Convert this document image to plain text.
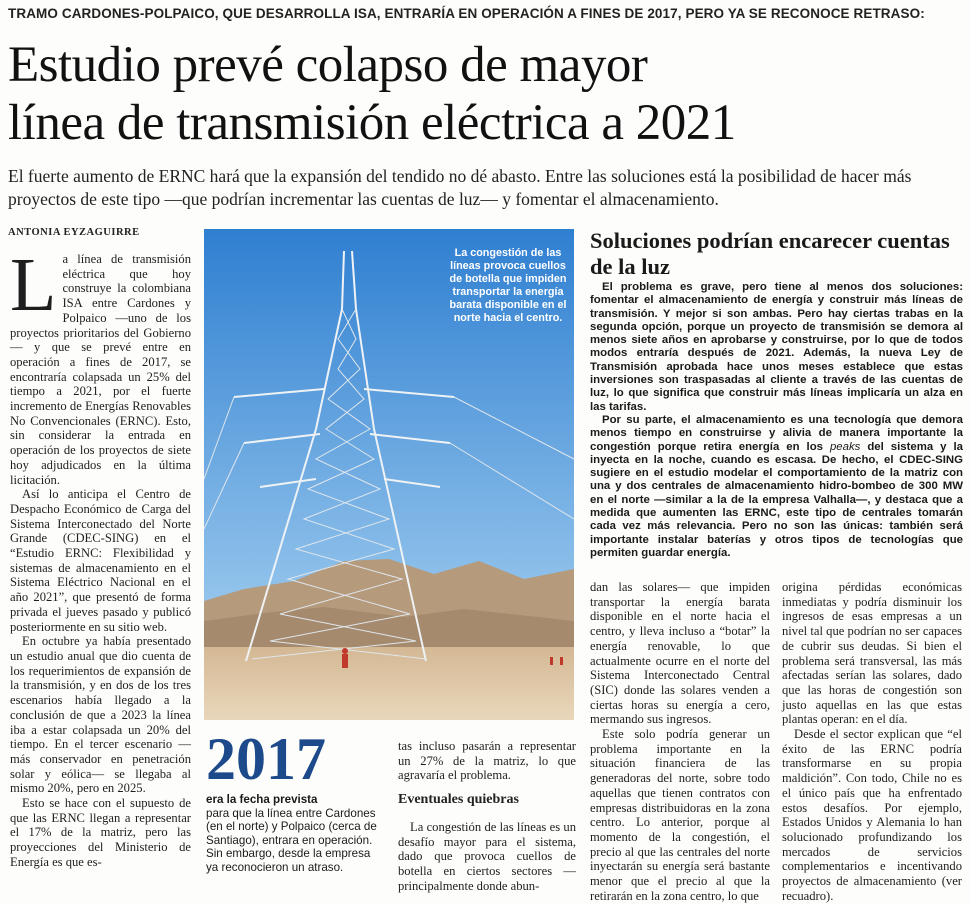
TRAMO CARDONES-POLPAICO, QUE DESARROLLA ISA, ENTRARÍA EN OPERACIÓN A FINES DE 2017, PERO YA SE RECONOCE RETRASO:
Estudio prevé colapso de mayor
línea de transmisión eléctrica a 2021
El fuerte aumento de ERNC hará que la expansión del tendido no dé abasto. Entre las soluciones está la posibilidad de hacer más proyectos de este tipo —que podrían incrementar las cuentas de luz— y fomentar el almacenamiento.
ANTONIA EYZAGUIRRE
L a línea de transmisión eléctrica que hoy construye la colombiana ISA entre Cardones y Polpaico —uno de los proyectos prioritarios del Gobierno— y que se prevé entre en operación a fines de 2017, se encontraría colapsada un 25% del tiempo a 2021, por el fuerte incremento de Energías Renovables No Convencionales (ERNC). Esto, sin considerar la entrada en operación de los proyectos de siete hoy adjudicados en la última licitación.

Así lo anticipa el Centro de Despacho Económico de Carga del Sistema Interconectado del Norte Grande (CDEC-SING) en el “Estudio ERNC: Flexibilidad y sistemas de almacenamiento en el Sistema Eléctrico Nacional en el año 2021”, que presentó de forma privada el jueves pasado y publicó posteriormente en su sitio web.

En octubre ya había presentado un estudio anual que dio cuenta de los requerimientos de expansión de la transmisión, y en dos de los tres escenarios había llegado a la conclusión de que a 2023 la línea iba a estar colapsada un 20% del tiempo. En el tercer escenario —más conservador en penetración solar y eólica— se llegaba al mismo 20%, pero en 2025.

Esto se hace con el supuesto de que las ERNC llegan a representar el 17% de la matriz, pero las proyecciones del Ministerio de Energía es que es-

La congestión de las líneas provoca cuellos de botella que impiden transportar la energía barata disponible en el norte hacia el centro.
2017
era la fecha prevista
para que la línea entre Cardones (en el norte) y Polpaico (cerca de Santiago), entrara en operación. Sin embargo, desde la empresa ya reconocieron un atraso.

tas incluso pasarán a representar un 27% de la matriz, lo que agravaría el problema.

Eventuales quiebras

La congestión de las líneas es un desafío mayor para el sistema, dado que provoca cuellos de botella en ciertos sectores —principalmente donde abun-

Soluciones podrían encarecer cuentas de la luz

El problema es grave, pero tiene al menos dos soluciones: fomentar el almacenamiento de energía y construir más líneas de transmisión. Y mejor si son ambas. Pero hay ciertas trabas en la segunda opción, porque un proyecto de transmisión se demora al menos siete años en aprobarse y construirse, por lo que de todos modos entraría después de 2021. Además, la nueva Ley de Transmisión aprobada hace unos meses establece que estas inversiones son traspasadas al cliente a través de las cuentas de luz, lo que significa que construir más líneas implicaría un alza en las tarifas.

Por su parte, el almacenamiento es una tecnología que demora menos tiempo en construirse y alivia de manera importante la congestión porque retira energía en los peaks del sistema y la inyecta en la noche, cuando es escasa. De hecho, el CDEC-SING sugiere en el estudio modelar el comportamiento de la matriz con una y dos centrales de almacenamiento hidro-bombeo de 300 MW en el norte —similar a la de la empresa Valhalla—, y destaca que a medida que aumenten las ERNC, este tipo de centrales tomarán cada vez más relevancia. Pero no son las únicas: también será importante instalar baterías y otros tipos de tecnologías que permiten guardar energía.

dan las solares— que impiden transportar la energía barata disponible en el norte hacia el centro, y lleva incluso a “botar” la energía renovable, lo que actualmente ocurre en el norte del Sistema Interconectado Central (SIC) donde las solares venden a ciertas horas su energía a cero, mermando sus ingresos.

Este solo podría generar un problema importante en la situación financiera de las generadoras del norte, sobre todo aquellas que tienen contratos con empresas distribuidoras en la zona centro. Lo anterior, porque al momento de la congestión, el precio al que las centrales del norte inyectarán su energía será bastante menor que el precio al que la retirarán en la zona centro, lo que

origina pérdidas económicas inmediatas y podría disminuir los ingresos de esas empresas a un nivel tal que podrían no ser capaces de cubrir sus deudas. Si bien el problema será transversal, las más afectadas serían las solares, dado que las horas de congestión son justo aquellas en las que estas plantas operan: en el día.

Desde el sector explican que “el éxito de las ERNC podría transformarse en su propia maldición”. Con todo, Chile no es el único país que ha enfrentado estos desafíos. Por ejemplo, Estados Unidos y Alemania lo han solucionado profundizando los mercados de servicios complementarios e incentivando proyectos de almacenamiento (ver recuadro).
